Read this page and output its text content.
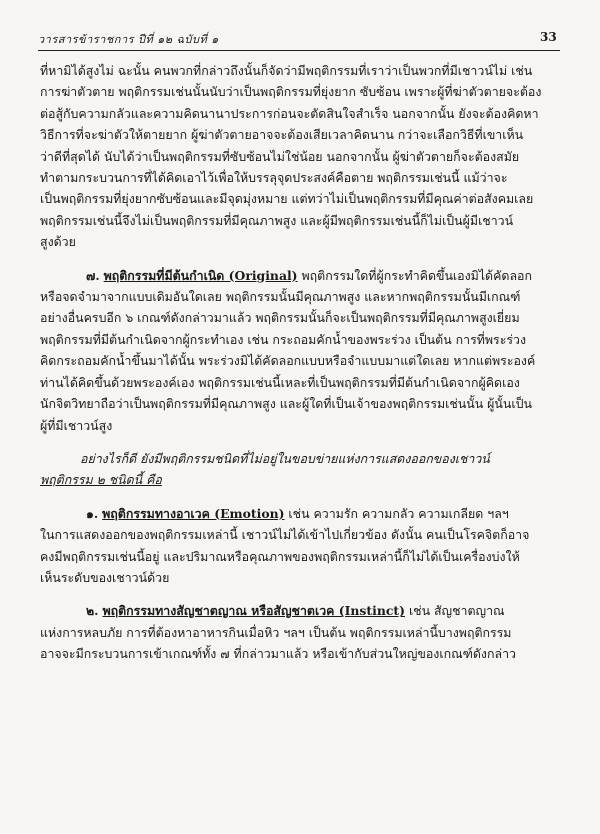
วารสารข้าราชการ ปีที่ ๑๒ ฉบับที่ ๑	33
ที่หามิได้สูงไม่ ฉะนั้น คนพวกที่กล่าวถึงนั้นก็จัดว่ามีพฤติกรรมที่เราว่าเป็นพวกที่มีเชาวน์ไม่ เช่น
การฆ่าตัวตาย พฤติกรรมเช่นนั้นนับว่าเป็นพฤติกรรมที่ยุ่งยาก ซับซ้อน เพราะผู้ที่ฆ่าตัวตายจะต้อง
ต่อสู้กับความกลัวและความคิดนานาประการก่อนจะตัดสินใจสำเร็จ นอกจากนั้น ยังจะต้องคิดหา
วิธีการที่จะฆ่าตัวให้ตายยาก ผู้ฆ่าตัวตายอาจจะต้องเสียเวลาคิดนาน กว่าจะเลือกวิธีที่เขาเห็น
ว่าดีที่สุดได้ นับได้ว่าเป็นพฤติกรรมที่ซับซ้อนไม่ใช่น้อย นอกจากนั้น ผู้ฆ่าตัวตายก็จะต้องสมัย
ทำตามกระบวนการที่ได้คิดเอาไว้เพื่อให้บรรลุจุดประสงค์คือตาย พฤติกรรมเช่นนี้ แม้ว่าจะ
เป็นพฤติกรรมที่ยุ่งยากซับซ้อนและมีจุดมุ่งหมาย แต่ทว่าไม่เป็นพฤติกรรมที่มีคุณค่าต่อสังคมเลย
พฤติกรรมเช่นนี้จึงไม่เป็นพฤติกรรมที่มีคุณภาพสูง และผู้มีพฤติกรรมเช่นนี้ก็ไม่เป็นผู้มีเชาวน์
สูงด้วย
๗. พฤติกรรมที่มีต้นกำเนิด (Original) พฤติกรรมใดที่ผู้กระทำคิดขึ้นเองมิได้คัดลอก
หรือจดจำมาจากแบบเดิมอันใดเลย พฤติกรรมนั้นมีคุณภาพสูง และหากพฤติกรรมนั้นมีเกณฑ์
อย่างอื่นครบอีก ๖ เกณฑ์ดังกล่าวมาแล้ว พฤติกรรมนั้นก็จะเป็นพฤติกรรมที่มีคุณภาพสูงเยี่ยม
พฤติกรรมที่มีต้นกำเนิดจากผู้กระทำเอง เช่น กระถอมคักน้ำของพระร่วง เป็นต้น การที่พระร่วง
คิดกระถอมคักน้ำขึ้นมาได้นั้น พระร่วงมิได้คัดลอกแบบหรือจำแบบมาแต่ใดเลย หากแต่พระองค์
ท่านได้คิดขึ้นด้วยพระองค์เอง พฤติกรรมเช่นนี้เหละที่เป็นพฤติกรรมที่มีต้นกำเนิดจากผู้คิดเอง
นักจิตวิทยาถือว่าเป็นพฤติกรรมที่มีคุณภาพสูง และผู้ใดที่เป็นเจ้าของพฤติกรรมเช่นนั้น ผู้นั้นเป็น
ผู้ที่มีเชาวน์สูง
อย่างไรก็ดี ยังมีพฤติกรรมชนิดที่ไม่อยู่ในขอบข่ายแห่งการแสดงออกของเชาวน์
พฤติกรรม ๒ ชนิดนี้ คือ
๑. พฤติกรรมทางอาเวค (Emotion) เช่น ความรัก ความกลัว ความเกลียด ฯลฯ
ในการแสดงออกของพฤติกรรมเหล่านี้ เชาวน์ไม่ได้เข้าไปเกี่ยวข้อง ดังนั้น คนเป็นโรคจิตก็อาจ
คงมีพฤติกรรมเช่นนี้อยู่ และปริมาณหรือคุณภาพของพฤติกรรมเหล่านี้ก็ไม่ได้เป็นเครื่องบ่งให้
เห็นระดับของเชาวน์ด้วย
๒. พฤติกรรมทางสัญชาตญาณ หรือสัญชาตเวค (Instinct) เช่น สัญชาตญาณ
แห่งการหลบภัย การที่ต้องหาอาหารกินเมื่อหิว ฯลฯ เป็นต้น พฤติกรรมเหล่านี้บางพฤติกรรม
อาจจะมีกระบวนการเข้าเกณฑ์ทั้ง ๗ ที่กล่าวมาแล้ว หรือเข้ากับส่วนใหญ่ของเกณฑ์ดังกล่าว
